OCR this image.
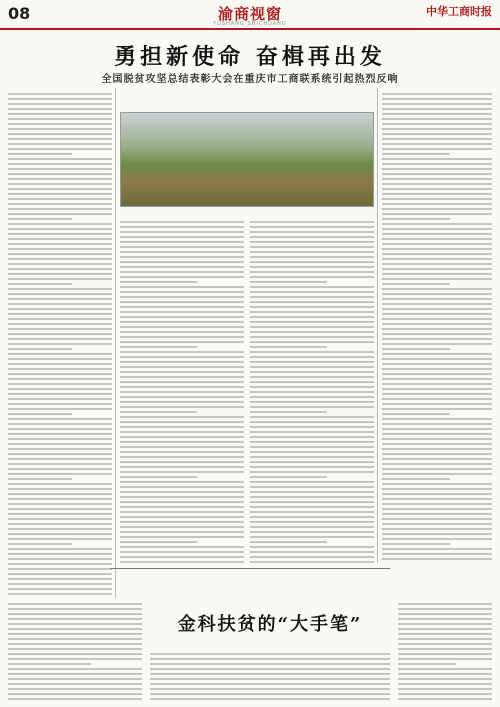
08	渝商视窗
YUSHANG SHICHUANG
中华工商时报
勇担新使命 奋楫再出发
全国脱贫攻坚总结表彰大会在重庆市工商联系统引起热烈反响
金科扶贫的“大手笔”
